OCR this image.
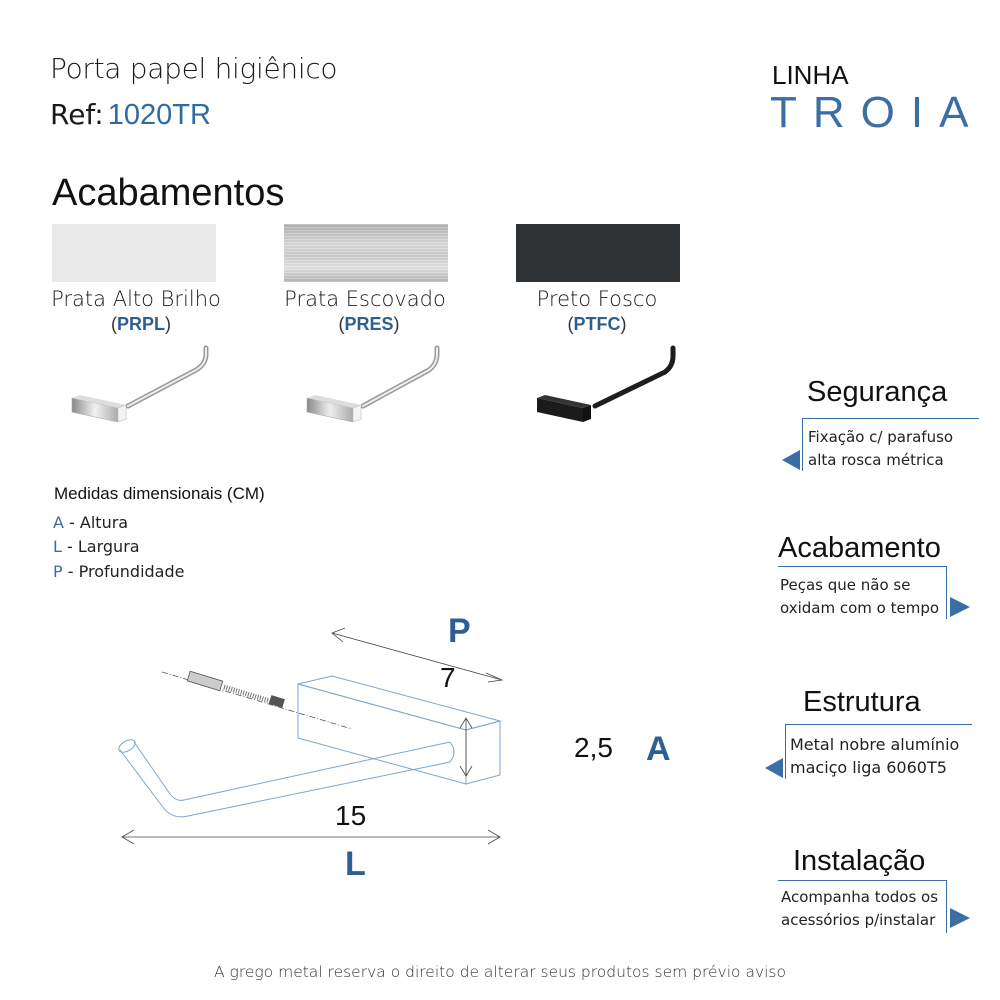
Porta papel higiênico
Ref: 1020TR
LINHA
TROIA
Acabamentos
Prata Alto Brilho	Prata Escovado	Preto Fosco
(PRPL)	(PRES)	(PTFC)
Medidas dimensionais (CM)
A - Altura
L - Largura
P - Profundidade
P
7
2,5 A
15
L
Segurança
Fixação c/ parafuso
alta rosca métrica
Acabamento
Peças que não se
oxidam com o tempo
Estrutura
Metal nobre alumínio
maciço liga 6060T5
Instalação
Acompanha todos os
acessórios p/instalar
A grego metal reserva o direito de alterar seus produtos sem prévio aviso
